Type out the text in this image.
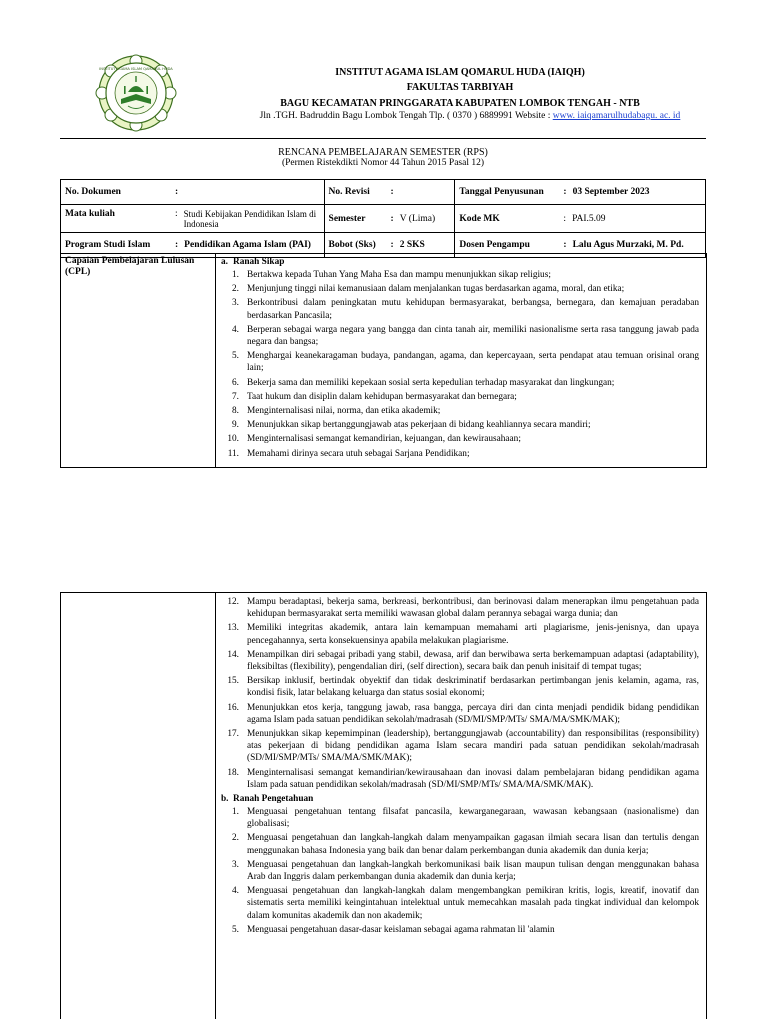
INSTITUT AGAMA ISLAM QAMARUL HUDA	INSTITUT AGAMA ISLAM QOMARUL HUDA (IAIQH)
FAKULTAS TARBIYAH
BAGU KECAMATAN PRINGGARATA KABUPATEN LOMBOK TENGAH - NTB
Jln .TGH. Badruddin Bagu Lombok Tengah Tlp. ( 0370 ) 6889991 Website : www. iaiqamarulhudabagu. ac. id
RENCANA PEMBELAJARAN SEMESTER (RPS)
(Permen Ristekdikti Nomor 44 Tahun 2015 Pasal 12)
No. Dokumen :	No. Revisi :	Tanggal Penyusunan : 03 September 2023

Mata kuliah : Studi Kebijakan Pendidikan Islam di Indonesia	Semester : V (Lima)	Kode MK : PAI.5.09

Program Studi Islam : Pendidikan Agama Islam (PAI)	Bobot (Sks) : 2 SKS	Dosen Pengampu : Lalu Agus Murzaki, M. Pd.
Capaian Pembelajaran Lulusan (CPL)
a. Ranah Sikap
1. Bertakwa kepada Tuhan Yang Maha Esa dan mampu menunjukkan sikap religius;
2. Menjunjung tinggi nilai kemanusiaan dalam menjalankan tugas berdasarkan agama, moral, dan etika;
3. Berkontribusi dalam peningkatan mutu kehidupan bermasyarakat, berbangsa, bernegara, dan kemajuan peradaban berdasarkan Pancasila;
4. Berperan sebagai warga negara yang bangga dan cinta tanah air, memiliki nasionalisme serta rasa tanggung jawab pada negara dan bangsa;
5. Menghargai keanekaragaman budaya, pandangan, agama, dan kepercayaan, serta pendapat atau temuan orisinal orang lain;
6. Bekerja sama dan memiliki kepekaan sosial serta kepedulian terhadap masyarakat dan lingkungan;
7. Taat hukum dan disiplin dalam kehidupan bermasyarakat dan bernegara;
8. Menginternalisasi nilai, norma, dan etika akademik;
9. Menunjukkan sikap bertanggungjawab atas pekerjaan di bidang keahliannya secara mandiri;
10. Menginternalisasi semangat kemandirian, kejuangan, dan kewirausahaan;
11. Memahami dirinya secara utuh sebagai Sarjana Pendidikan;
12. Mampu beradaptasi, bekerja sama, berkreasi, berkontribusi, dan berinovasi dalam menerapkan ilmu pengetahuan pada kehidupan bermasyarakat serta memiliki wawasan global dalam perannya sebagai warga dunia; dan
13. Memiliki integritas akademik, antara lain kemampuan memahami arti plagiarisme, jenis-jenisnya, dan upaya pencegahannya, serta konsekuensinya apabila melakukan plagiarisme.
14. Menampilkan diri sebagai pribadi yang stabil, dewasa, arif dan berwibawa serta berkemampuan adaptasi (adaptability), fleksibiltas (flexibility), pengendalian diri, (self direction), secara baik dan penuh inisitaif di tempat tugas;
15. Bersikap inklusif, bertindak obyektif dan tidak deskriminatif berdasarkan pertimbangan jenis kelamin, agama, ras, kondisi fisik, latar belakang keluarga dan status sosial ekonomi;
16. Menunjukkan etos kerja, tanggung jawab, rasa bangga, percaya diri dan cinta menjadi pendidik bidang pendidikan agama Islam pada satuan pendidikan sekolah/madrasah (SD/MI/SMP/MTs/ SMA/MA/SMK/MAK);
17. Menunjukkan sikap kepemimpinan (leadership), bertanggungjawab (accountability) dan responsibilitas (responsibility) atas pekerjaan di bidang pendidikan agama Islam secara mandiri pada satuan pendidikan sekolah/madrasah (SD/MI/SMP/MTs/ SMA/MA/SMK/MAK);
18. Menginternalisasi semangat kemandirian/kewirausahaan dan inovasi dalam pembelajaran bidang pendidikan agama Islam pada satuan pendidikan sekolah/madrasah (SD/MI/SMP/MTs/ SMA/MA/SMK/MAK).
b. Ranah Pengetahuan
1. Menguasai pengetahuan tentang filsafat pancasila, kewarganegaraan, wawasan kebangsaan (nasionalisme) dan globalisasi;
2. Menguasai pengetahuan dan langkah-langkah dalam menyampaikan gagasan ilmiah secara lisan dan tertulis dengan menggunakan bahasa Indonesia yang baik dan benar dalam perkembangan dunia akademik dan dunia kerja;
3. Menguasai pengetahuan dan langkah-langkah berkomunikasi baik lisan maupun tulisan dengan menggunakan bahasa Arab dan Inggris dalam perkembangan dunia akademik dan dunia kerja;
4. Menguasai pengetahuan dan langkah-langkah dalam mengembangkan pemikiran kritis, logis, kreatif, inovatif dan sistematis serta memiliki keingintahuan intelektual untuk memecahkan masalah pada tingkat individual dan kelompok dalam komunitas akademik dan non akademik;
5. Menguasai pengetahuan dasar-dasar keislaman sebagai agama rahmatan lil 'alamin
